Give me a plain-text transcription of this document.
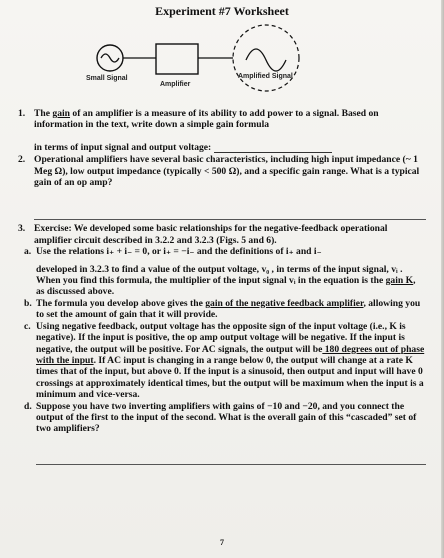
Experiment #7 Worksheet
Small Signal
Amplifier
Amplified Signal
1. The gain of an amplifier is a measure of its ability to add power to a signal. Based on information in the text, write down a simple gain formula
in terms of input signal and output voltage:
2. Operational amplifiers have several basic characteristics, including high input impedance (~ 1 Meg Ω), low output impedance (typically < 500 Ω), and a specific gain range. What is a typical gain of an op amp?
3. Exercise: We developed some basic relationships for the negative-feedback operational amplifier circuit described in 3.2.2 and 3.2.3 (Figs. 5 and 6).
a. Use the relations i₊ + i₋ = 0, or i₊ = −i₋ and the definitions of i₊ and i₋
developed in 3.2.3 to find a value of the output voltage, v₀ , in terms of the input signal, vᵢ . When you find this formula, the multiplier of the input signal vᵢ in the equation is the gain K, as discussed above.
b. The formula you develop above gives the gain of the negative feedback amplifier, allowing you to set the amount of gain that it will provide.
c. Using negative feedback, output voltage has the opposite sign of the input voltage (i.e., K is negative). If the input is positive, the op amp output voltage will be negative. If the input is negative, the output will be positive. For AC signals, the output will be 180 degrees out of phase with the input. If AC input is changing in a range below 0, the output will change at a rate K times that of the input, but above 0. If the input is a sinusoid, then output and input will have 0 crossings at approximately identical times, but the output will be maximum when the input is a minimum and vice-versa.
d. Suppose you have two inverting amplifiers with gains of −10 and −20, and you connect the output of the first to the input of the second. What is the overall gain of this “cascaded” set of two amplifiers?
7
